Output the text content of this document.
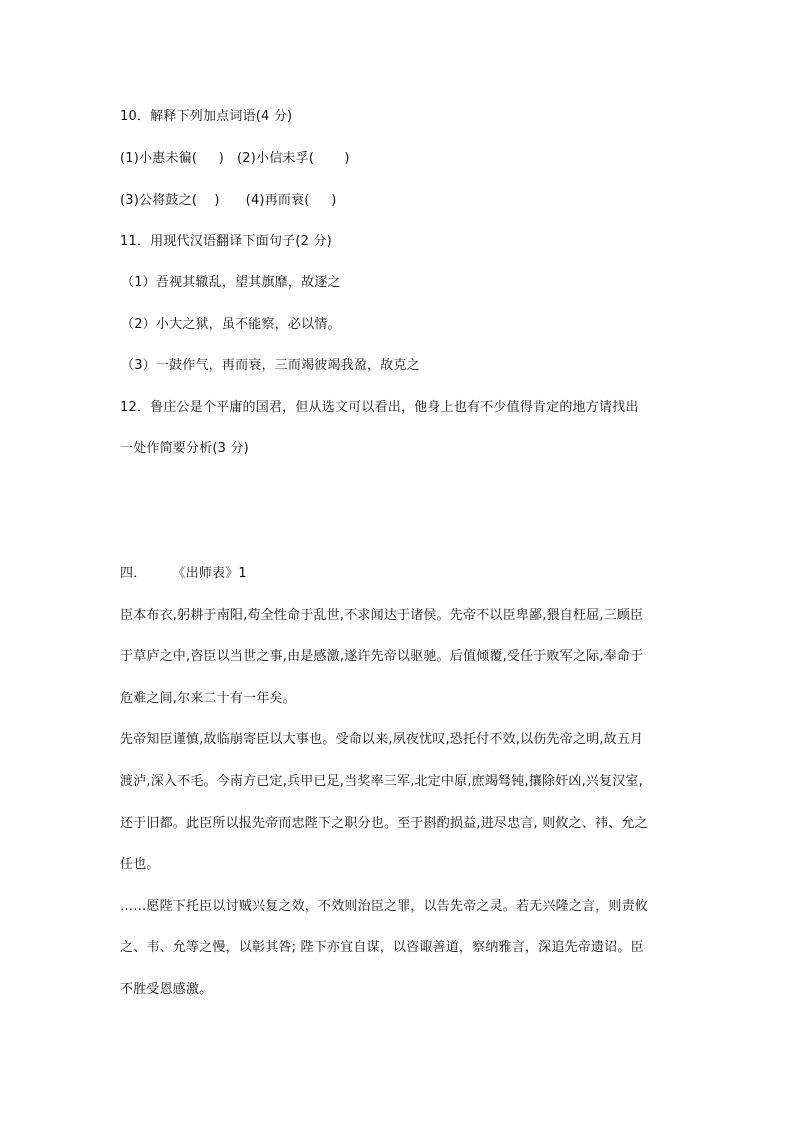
10．解释下列加点词语(4 分)
(1)小惠未徧(     )   (2)小信未孚(       )
(3)公将鼓之(    )      (4)再而衰(     )
11．用现代汉语翻译下面句子(2 分)
（1）吾视其辙乱，望其旗靡，故逐之
（2）小大之狱，虽不能察，必以情。
（3）一鼓作气，再而衰，三而竭彼竭我盈，故克之
12．鲁庄公是个平庸的国君，但从选文可以看出，他身上也有不少值得肯定的地方请找出
一处作简要分析(3 分)
四．      《出师表》1
臣本布衣,躬耕于南阳,苟全性命于乱世,不求闻达于诸侯。先帝不以臣卑鄙,猥自枉屈,三顾臣
于草庐之中,咨臣以当世之事,由是感激,遂许先帝以驱驰。后值倾覆,受任于败军之际,奉命于
危难之间,尔来二十有一年矣。
先帝知臣谨慎,故临崩寄臣以大事也。受命以来,夙夜忧叹,恐托付不效,以伤先帝之明,故五月
渡泸,深入不毛。今南方已定,兵甲已足,当奖率三军,北定中原,庶竭驽钝,攘除奸凶,兴复汉室,
还于旧都。此臣所以报先帝而忠陛下之职分也。至于斟酌损益,进尽忠言, 则攸之、祎、允之
任也。
……愿陛下托臣以讨贼兴复之效，不效则治臣之罪，以告先帝之灵。若无兴隆之言，则责攸
之、韦、允等之慢，以彰其咎; 陛下亦宜自谋，以咨诹善道，察纳雅言，深追先帝遗诏。臣
不胜受恩感激。
